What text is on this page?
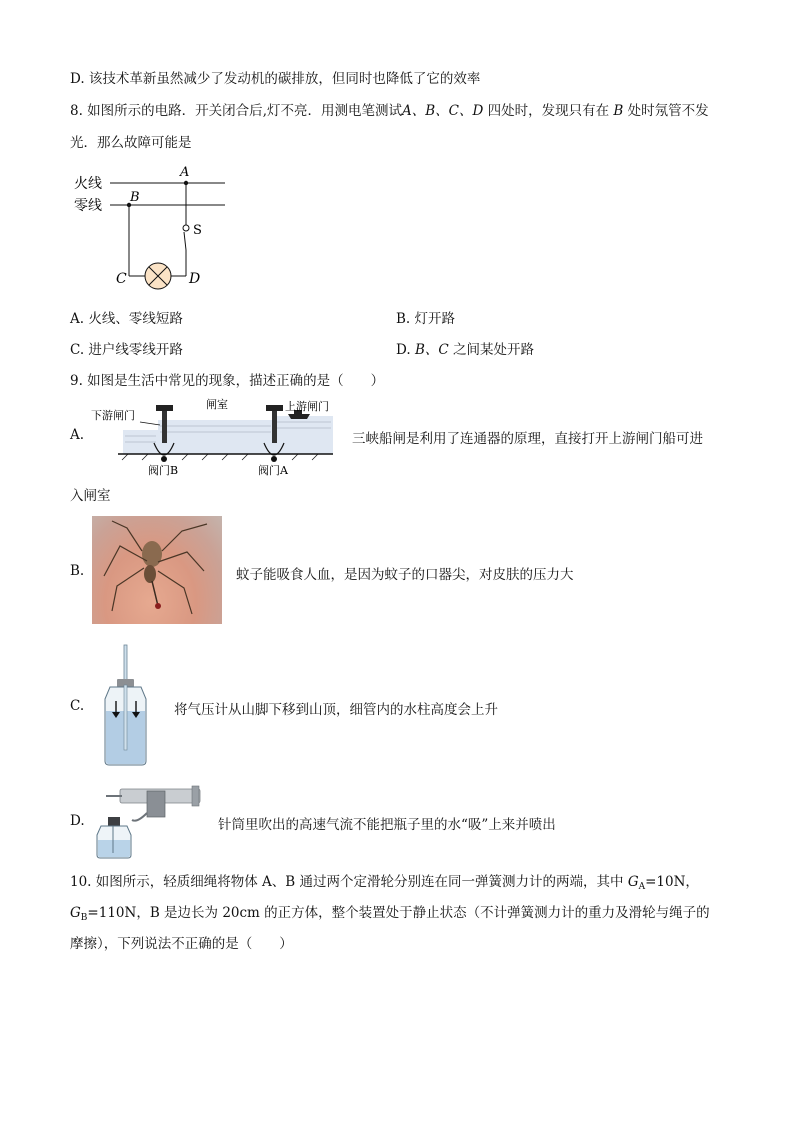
D. 该技术革新虽然减少了发动机的碳排放，但同时也降低了它的效率
8. 如图所示的电路．开关闭合后‚灯不亮．用测电笔测试A、B、C、D 四处时，发现只有在 B 处时氖管不发
光．那么故障可能是
火线
零线
A
B
S
C	D
A. 火线、零线短路	B. 灯开路
C. 进户线零线开路	D. B、C 之间某处开路
9. 如图是生活中常见的现象，描述正确的是（　　）
A.
闸室
下游闸门
上游闸门
阀门B	阀门A
三峡船闸是利用了连通器的原理，直接打开上游闸门船可进
入闸室
B.	蚊子能吸食人血，是因为蚊子的口器尖，对皮肤的压力大
C.	将气压计从山脚下移到山顶，细管内的水柱高度会上升
D.	针筒里吹出的高速气流不能把瓶子里的水“吸”上来并喷出
10. 如图所示，轻质细绳将物体 A、B 通过两个定滑轮分别连在同一弹簧测力计的两端，其中 $G_A=10N$，
$G_B=110N$，B 是边长为 20cm 的正方体，整个装置处于静止状态（不计弹簧测力计的重力及滑轮与绳子的
摩擦），下列说法不正确的是（　　）
